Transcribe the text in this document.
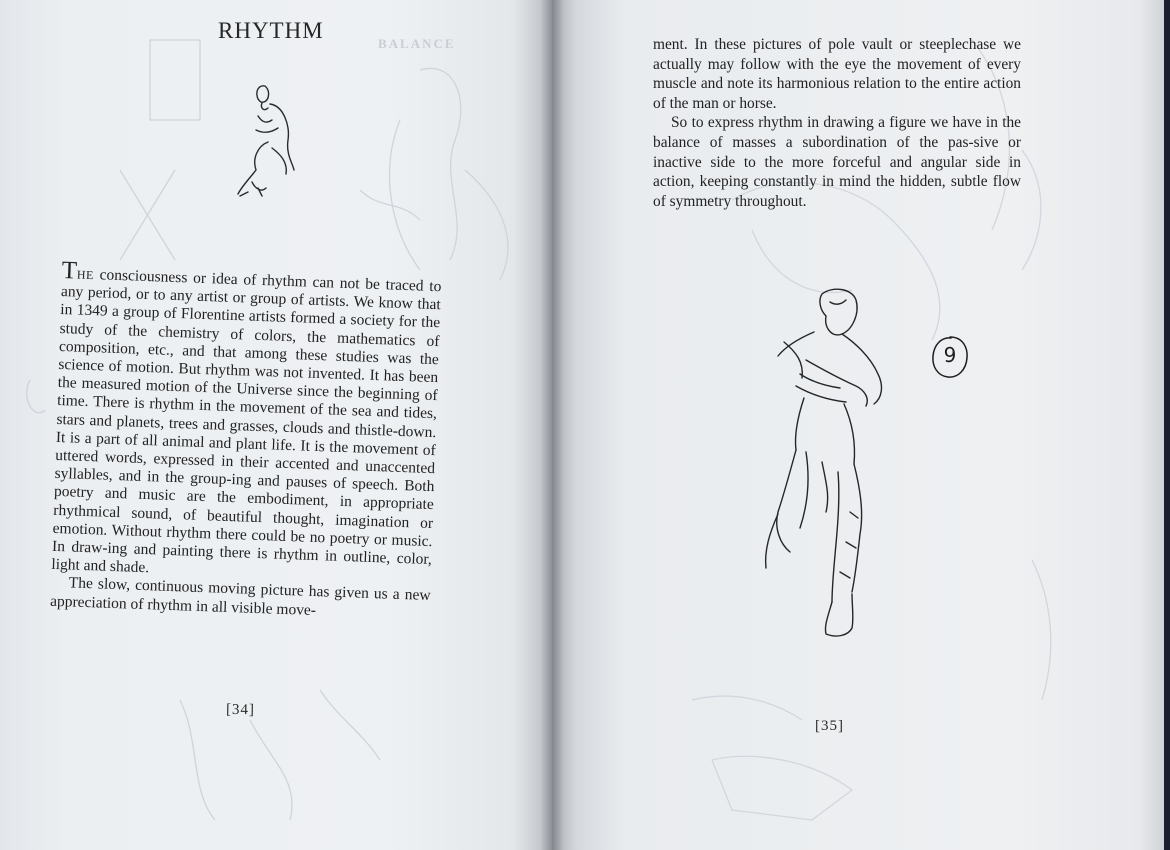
BALANCE
RHYTHM

THE consciousness or idea of rhythm can not be traced to any period, or to any artist or group of artists. We know that in 1349 a group of Florentine artists formed a society for the study of the chemistry of colors, the mathematics of composition, etc., and that among these studies was the science of motion. But rhythm was not invented. It has been the measured motion of the Universe since the beginning of time. There is rhythm in the movement of the sea and tides, stars and planets, trees and grasses, clouds and thistle-down. It is a part of all animal and plant life. It is the movement of uttered words, expressed in their accented and unaccented syllables, and in the group-ing and pauses of speech. Both poetry and music are the embodiment, in appropriate rhythmical sound, of beautiful thought, imagination or emotion. Without rhythm there could be no poetry or music. In draw-ing and painting there is rhythm in outline, color, light and shade.

The slow, continuous moving picture has given us a new appreciation of rhythm in all visible move-

[34]

ment. In these pictures of pole vault or steeplechase we actually may follow with the eye the movement of every muscle and note its harmonious relation to the entire action of the man or horse.

So to express rhythm in drawing a figure we have in the balance of masses a subordination of the pas-sive or inactive side to the more forceful and angular side in action, keeping constantly in mind the hidden, subtle flow of symmetry throughout.

9
[35]
